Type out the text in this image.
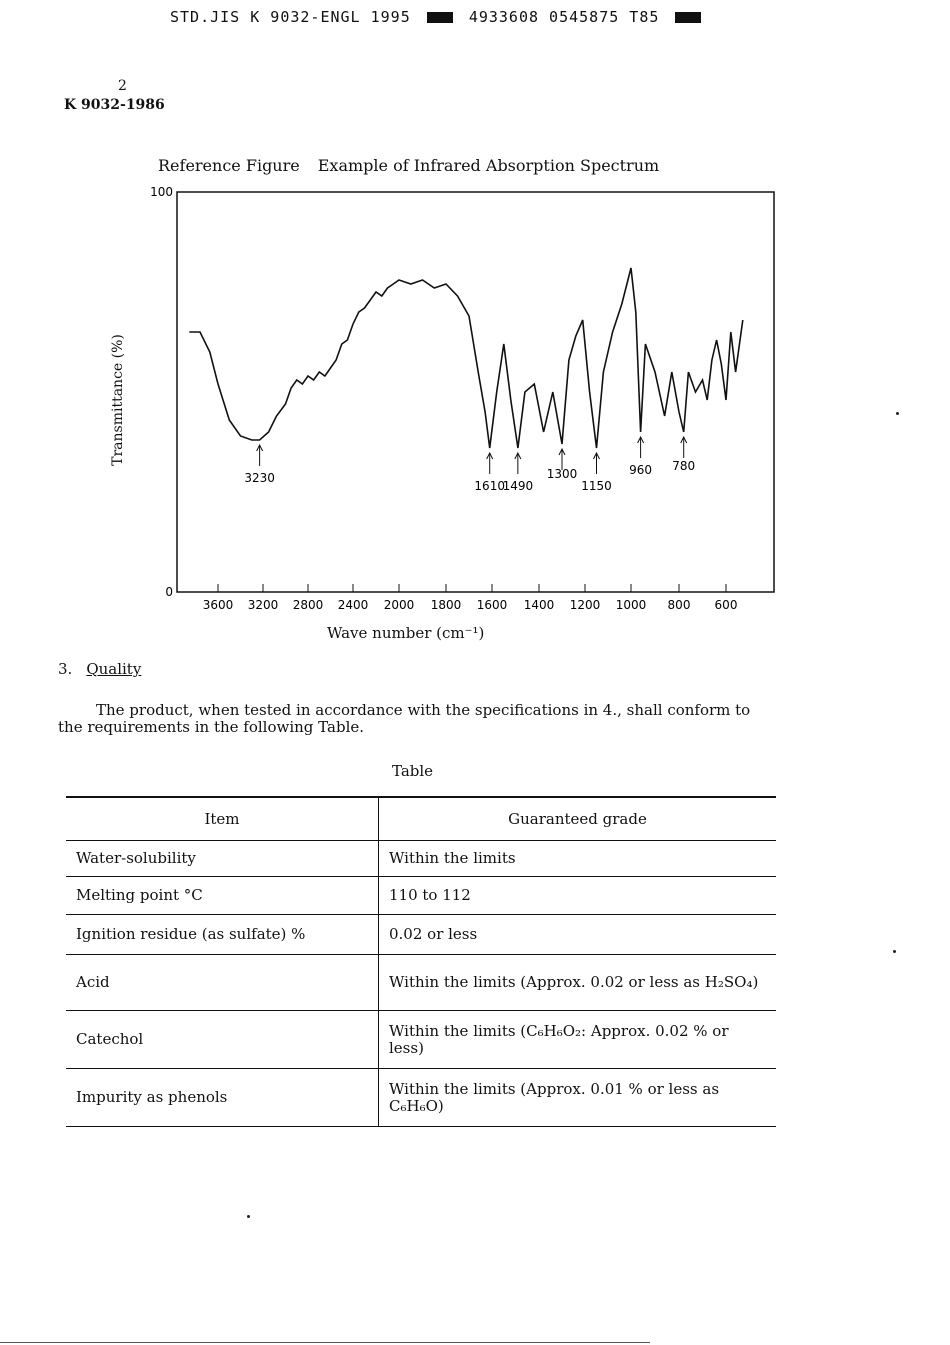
STD.JIS K 9032-ENGL 1995	4933608 0545875 T85
2
K 9032-1986
Reference Figure Example of Infrared Absorption Spectrum
100
0
3600 3200 2800 2400 2000 1800 1600 1400 1200 1000 800 600
3230
1610
1490
1300
1150
960 780
Transmittance (%)
Wave number (cm⁻¹)
3. Quality
The product, when tested in accordance with the specifications in 4., shall conform to the requirements in the following Table.
Table
Item	Guaranteed grade
Water-solubility	Within the limits
Melting point °C	110 to 112
Ignition residue (as sulfate) %	0.02 or less
Acid	Within the limits (Approx. 0.02 or less as H₂SO₄)
Catechol	Within the limits (C₆H₆O₂: Approx. 0.02 % or less)
Impurity as phenols	Within the limits (Approx. 0.01 % or less as C₆H₆O)
